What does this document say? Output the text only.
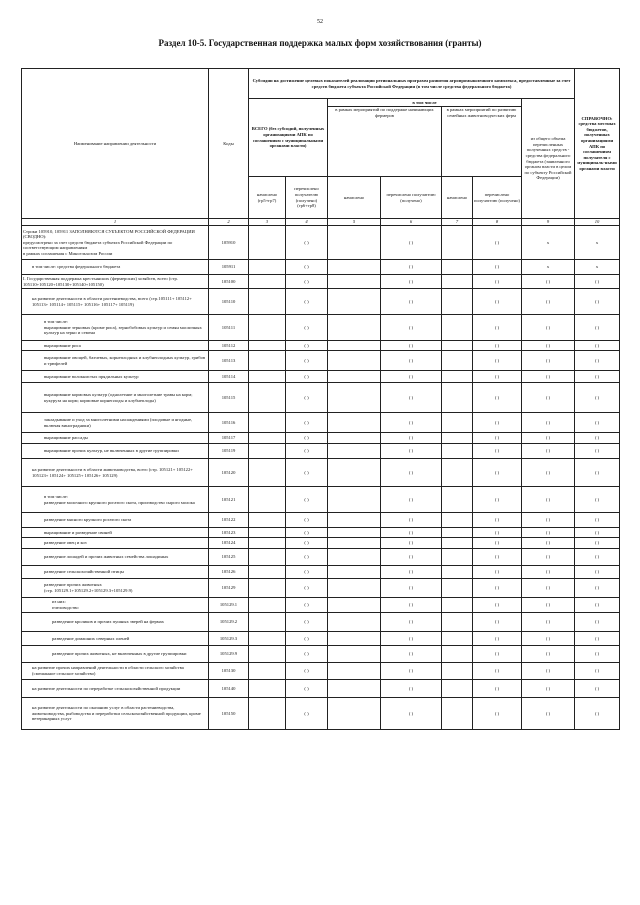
52
Раздел 10-5. Государственная поддержка малых форм хозяйствования (гранты)
Наименование направлении деятельности	Коды	Субсидии на достижение целевых показателей реализации региональных программ развития агропромышленного комплекса, предоставленные за счет средств бюджета субъекта Российской Федерации (в том числе средства федерального бюджета)							СПРАВОЧНО: средства местных бюджетов, полученных организациями АПК по соглашениям получателя с муниципаль-ными органами власти
		ВСЕГО (без субсидий, полученных организациями АПК по соглашениям с муниципальными органами власти)		в том числе				из общего объема перечисленных полученных средств - средства федерального бюджета (заявленного органом власти в целом по субъекту Российской Федерации)	
				в рамках мероприятий по поддержке начинающих фермеров		в рамках мероприятий по развитию семейных животноводческих ферм			
		начислено (гр5+гр7)	перечислено получателю (получено) (гр6+гр8)	начислено	перечислено получателю (получено)	начислено	перечислено получателю (получено)		
1	2	3	4	5	6	7	8	9	10

Строки 105910, 105911 ЗАПОЛНЯЮТСЯ СУБЪЕКТОМ РОССИЙСКОЙ ФЕДЕРАЦИИ (СВОДНО):
предусмотрено за счет средств бюджета субъекта Российской Федерации по соответствующим направлениям
в рамках соглашения с Минсельхозом России	105910		( )		( )		( )	x	x

в том числе: средства федерального бюджета	105911		( )		( )		( )	x	x

I. Государственная поддержка крестьянских (фермерских) хозяйств, всего (стр. 105110+105120+105130+105140+105150)	105100		( )		( )		( )	( )	( )

на развитие деятельности в области растениеводства, всего (стр.105111+ 105112+ 105113+ 105114+ 105115+ 105116+ 105117+ 105119)	105110		( )		( )		( )	( )	( )

в том числе:
выращивание зерновых (кроме риса), зернобобовых культур и семян масличных культур на зерно и семена	105111		( )		( )		( )	( )	( )

выращивание риса	105112		( )		( )		( )	( )	( )

выращивание овощей, бахчевых, корнеплодных и клубнеплодных культур, грибов и трюфелей	105113		( )		( )		( )	( )	( )

выращивание волокнистых прядильных культур	105114		( )		( )		( )	( )	( )

выращивание кормовых культур (однолетние и многолетние травы на корм; кукуруза на корм; кормовые корнеплоды и клубнеплоды)	105115		( )		( )		( )	( )	( )

закладывание и уход за многолетними насаждениями (плодовые и ягодные, включая виноградники)	105116		( )		( )		( )	( )	( )

выращивание рассады	105117		( )		( )		( )	( )	( )

выращивание прочих культур, не включенных в другие группировки	105119		( )		( )		( )	( )	( )

на развитие деятельности в области животноводства, всего (стр. 105121+ 105122+ 105123+ 105124+ 105125+ 105126+ 105129)	105120		( )		( )		( )	( )	( )

в том числе:
разведение молочного крупного рогатого скота, производство сырого молока	105121		( )		( )		( )	( )	( )

разведение мясного крупного рогатого скота	105122		( )		( )		( )	( )	( )

выращивание и разведение свиней	105123		( )		( )		( )	( )	( )

разведение овец и коз	105124		( )		( )		( )	( )	( )

разведение лошадей и прочих животных семейства лошадиных	105125		( )		( )		( )	( )	( )

разведение сельскохозяйственной птицы	105126		( )		( )		( )	( )	( )

разведение прочих животных
(стр. 105129.1+105129.2+105129.3+105129.9)	105129		( )		( )		( )	( )	( )

из них:
пчеловодство	105129.1		( )		( )		( )	( )	( )

разведение кроликов и прочих пушных зверей на фермах	105129.2		( )		( )		( )	( )	( )

разведение домашних северных оленей	105129.3		( )		( )		( )	( )	( )

разведение прочих животных, не включенных в другие группировки	105129.9		( )		( )		( )	( )	( )

на развитие прочих направлений деятельности в области сельского хозяйства (смешанное сельское хозяйство)	105130		( )		( )		( )	( )	( )

на развитие деятельности по переработке сельскохозяйственной продукции	105140		( )		( )		( )	( )	( )

на развитие деятельности по оказанию услуг в области растениеводства, животноводства, рыбоводства и переработки сельскохозяйственной продукции, кроме ветеринарных услуг	105150		( )		( )		( )	( )	( )
